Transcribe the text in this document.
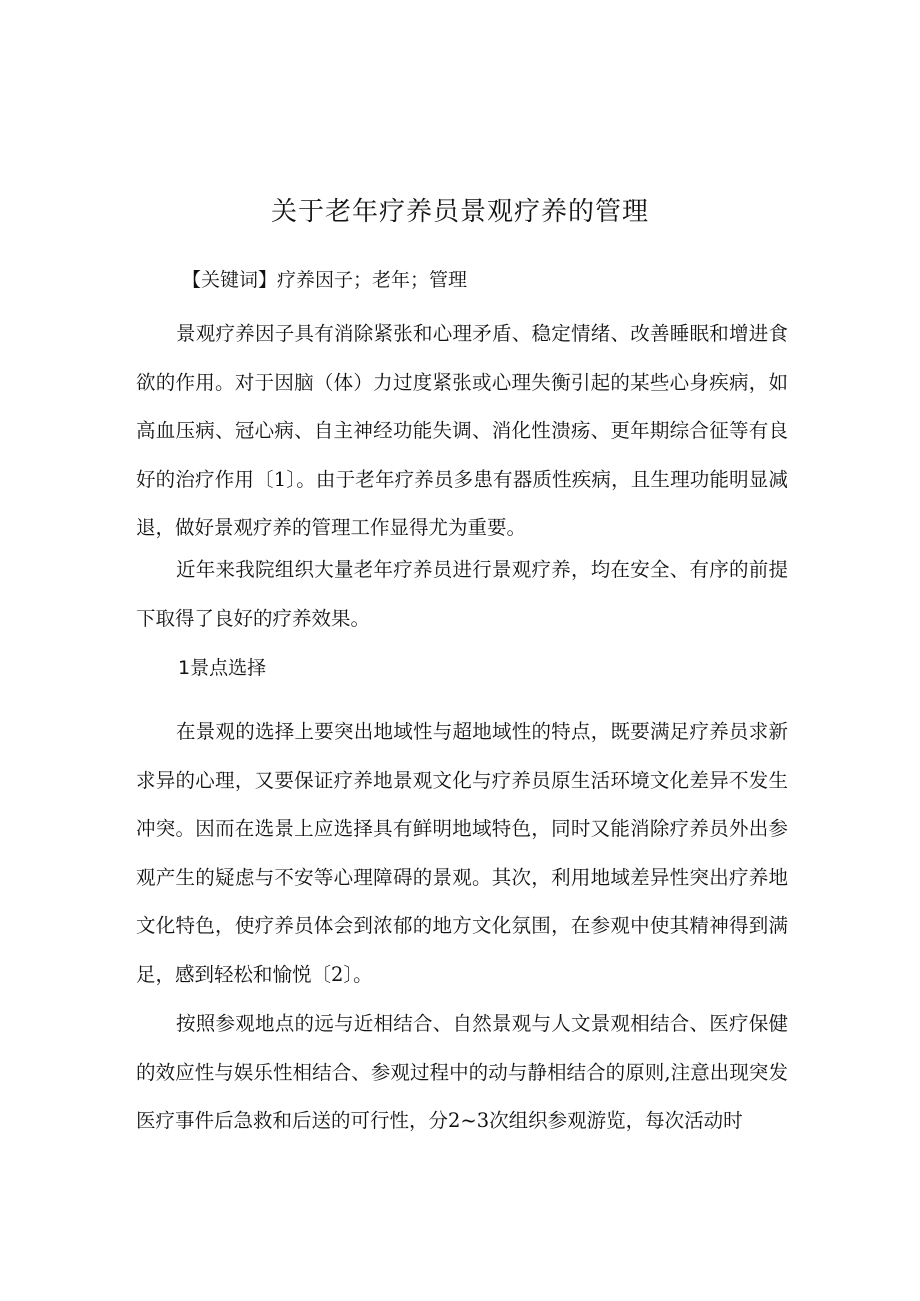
关于老年疗养员景观疗养的管理
【关键词】疗养因子；老年；管理

景观疗养因子具有消除紧张和心理矛盾、稳定情绪、改善睡眠和增进食欲的作用。对于因脑（体）力过度紧张或心理失衡引起的某些心身疾病，如高血压病、冠心病、自主神经功能失调、消化性溃疡、更年期综合征等有良好的治疗作用〔1〕。由于老年疗养员多患有器质性疾病，且生理功能明显减退，做好景观疗养的管理工作显得尤为重要。

近年来我院组织大量老年疗养员进行景观疗养，均在安全、有序的前提下取得了良好的疗养效果。

1景点选择

在景观的选择上要突出地域性与超地域性的特点，既要满足疗养员求新求异的心理，又要保证疗养地景观文化与疗养员原生活环境文化差异不发生冲突。因而在选景上应选择具有鲜明地域特色，同时又能消除疗养员外出参观产生的疑虑与不安等心理障碍的景观。其次，利用地域差异性突出疗养地文化特色，使疗养员体会到浓郁的地方文化氛围，在参观中使其精神得到满足，感到轻松和愉悦〔2〕。

按照参观地点的远与近相结合、自然景观与人文景观相结合、医疗保健的效应性与娱乐性相结合、参观过程中的动与静相结合的原则,注意出现突发医疗事件后急救和后送的可行性，分2~3次组织参观游览，每次活动时
